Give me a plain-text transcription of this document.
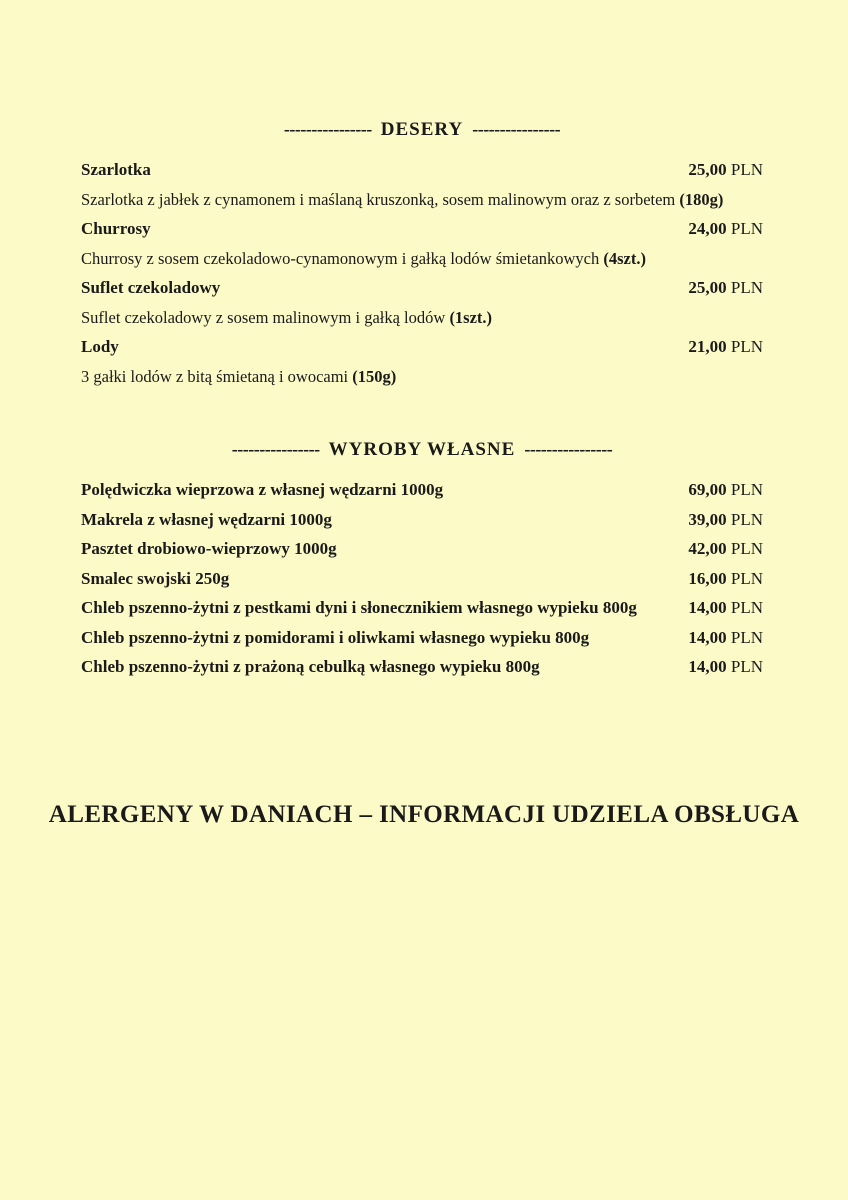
---------------- DESERY ----------------
Szarlotka	25,00 PLN
Szarlotka z jabłek z cynamonem i maślaną kruszonką, sosem malinowym oraz z sorbetem (180g)
Churrosy	24,00 PLN
Churrosy z sosem czekoladowo-cynamonowym i gałką lodów śmietankowych (4szt.)
Suflet czekoladowy	25,00 PLN
Suflet czekoladowy z sosem malinowym i gałką lodów (1szt.)
Lody	21,00 PLN
3 gałki lodów z bitą śmietaną i owocami (150g)
---------------- WYROBY WŁASNE ----------------
Polędwiczka wieprzowa z własnej wędzarni 1000g	69,00 PLN
Makrela z własnej wędzarni 1000g	39,00 PLN
Pasztet drobiowo-wieprzowy 1000g	42,00 PLN
Smalec swojski 250g	16,00 PLN
Chleb pszenno-żytni z pestkami dyni i słonecznikiem własnego wypieku 800g	14,00 PLN
Chleb pszenno-żytni z pomidorami i oliwkami własnego wypieku 800g	14,00 PLN
Chleb pszenno-żytni z prażoną cebulką własnego wypieku 800g	14,00 PLN
ALERGENY W DANIACH – INFORMACJI UDZIELA OBSŁUGA
